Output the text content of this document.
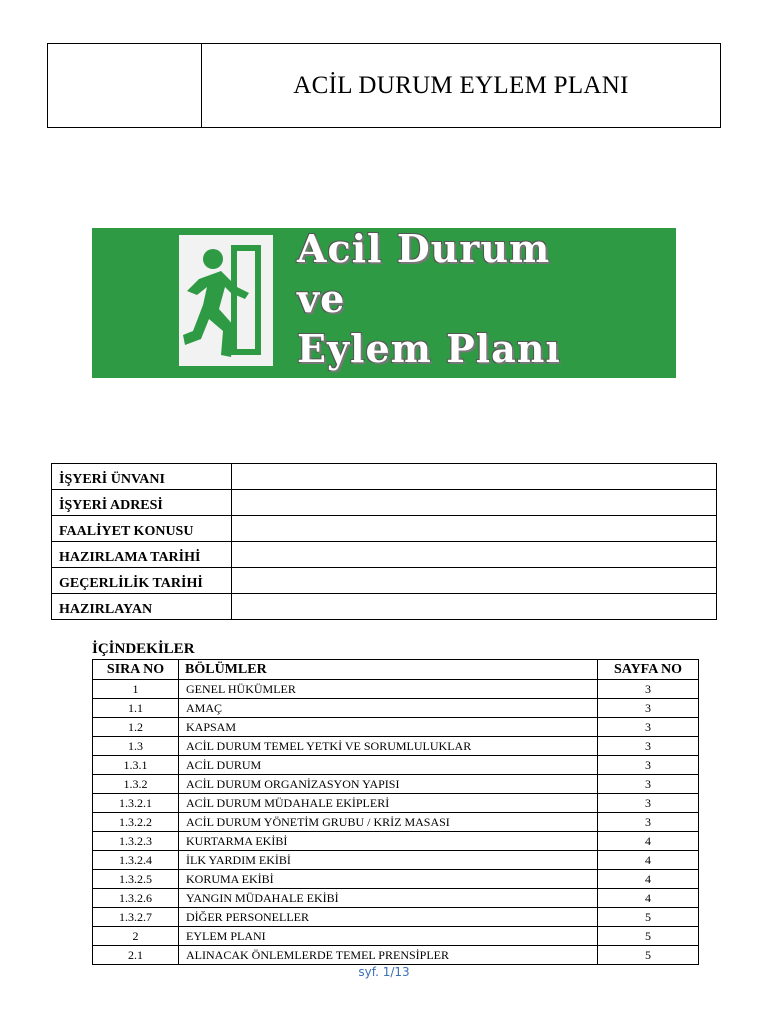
ACİL DURUM EYLEM PLANI
Acil Durum
ve
Eylem Planı
İŞYERİ ÜNVANI	
İŞYERİ ADRESİ	
FAALİYET KONUSU	
HAZIRLAMA TARİHİ	
GEÇERLİLİK TARİHİ	
HAZIRLAYAN	
İÇİNDEKİLER
SIRA NO	BÖLÜMLER	SAYFA NO
1	GENEL HÜKÜMLER	3
1.1	AMAÇ	3
1.2	KAPSAM	3
1.3	ACİL DURUM TEMEL YETKİ VE SORUMLULUKLAR	3
1.3.1	ACİL DURUM	3
1.3.2	ACİL DURUM ORGANİZASYON YAPISI	3
1.3.2.1	ACİL DURUM MÜDAHALE EKİPLERİ	3
1.3.2.2	ACİL DURUM YÖNETİM GRUBU / KRİZ MASASI	3
1.3.2.3	KURTARMA EKİBİ	4
1.3.2.4	İLK YARDIM EKİBİ	4
1.3.2.5	KORUMA EKİBİ	4
1.3.2.6	YANGIN MÜDAHALE EKİBİ	4
1.3.2.7	DİĞER PERSONELLER	5
2	EYLEM PLANI	5
2.1	ALINACAK ÖNLEMLERDE TEMEL PRENSİPLER	5
syf. 1/13
